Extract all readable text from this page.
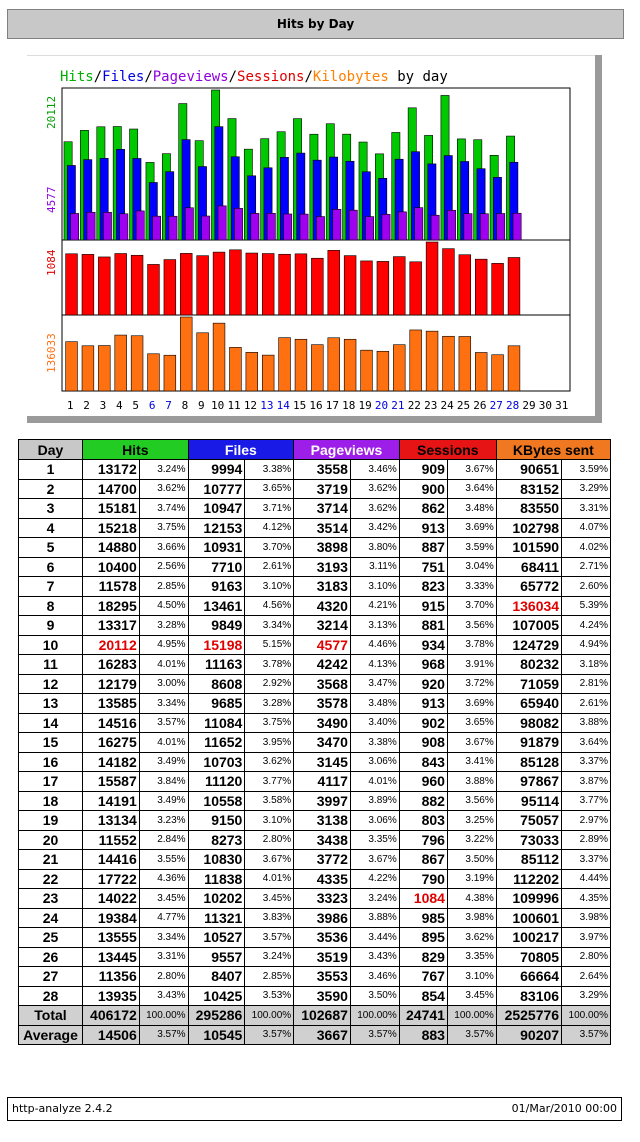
Hits by Day
Hits/Files/Pageviews/Sessions/Kilobytes by day
20112
4577
1084
136033
1 2 3 4 5 6 7 8 9 10 11 12 13 14 15 16 17 18 19 20 21 22 23 24 25 26 27 28 29 30 31
Day	Hits		Files		Pageviews		Sessions		KBytes sent	
1	13172	3.24%	9994	3.38%	3558	3.46%	909	3.67%	90651	3.59%
2	14700	3.62%	10777	3.65%	3719	3.62%	900	3.64%	83152	3.29%
3	15181	3.74%	10947	3.71%	3714	3.62%	862	3.48%	83550	3.31%
4	15218	3.75%	12153	4.12%	3514	3.42%	913	3.69%	102798	4.07%
5	14880	3.66%	10931	3.70%	3898	3.80%	887	3.59%	101590	4.02%
6	10400	2.56%	7710	2.61%	3193	3.11%	751	3.04%	68411	2.71%
7	11578	2.85%	9163	3.10%	3183	3.10%	823	3.33%	65772	2.60%
8	18295	4.50%	13461	4.56%	4320	4.21%	915	3.70%	136034	5.39%
9	13317	3.28%	9849	3.34%	3214	3.13%	881	3.56%	107005	4.24%
10	20112	4.95%	15198	5.15%	4577	4.46%	934	3.78%	124729	4.94%
11	16283	4.01%	11163	3.78%	4242	4.13%	968	3.91%	80232	3.18%
12	12179	3.00%	8608	2.92%	3568	3.47%	920	3.72%	71059	2.81%
13	13585	3.34%	9685	3.28%	3578	3.48%	913	3.69%	65940	2.61%
14	14516	3.57%	11084	3.75%	3490	3.40%	902	3.65%	98082	3.88%
15	16275	4.01%	11652	3.95%	3470	3.38%	908	3.67%	91879	3.64%
16	14182	3.49%	10703	3.62%	3145	3.06%	843	3.41%	85128	3.37%
17	15587	3.84%	11120	3.77%	4117	4.01%	960	3.88%	97867	3.87%
18	14191	3.49%	10558	3.58%	3997	3.89%	882	3.56%	95114	3.77%
19	13134	3.23%	9150	3.10%	3138	3.06%	803	3.25%	75057	2.97%
20	11552	2.84%	8273	2.80%	3438	3.35%	796	3.22%	73033	2.89%
21	14416	3.55%	10830	3.67%	3772	3.67%	867	3.50%	85112	3.37%
22	17722	4.36%	11838	4.01%	4335	4.22%	790	3.19%	112202	4.44%
23	14022	3.45%	10202	3.45%	3323	3.24%	1084	4.38%	109996	4.35%
24	19384	4.77%	11321	3.83%	3986	3.88%	985	3.98%	100601	3.98%
25	13555	3.34%	10527	3.57%	3536	3.44%	895	3.62%	100217	3.97%
26	13445	3.31%	9557	3.24%	3519	3.43%	829	3.35%	70805	2.80%
27	11356	2.80%	8407	2.85%	3553	3.46%	767	3.10%	66664	2.64%
28	13935	3.43%	10425	3.53%	3590	3.50%	854	3.45%	83106	3.29%
Total	406172	100.00%	295286	100.00%	102687	100.00%	24741	100.00%	2525776	100.00%
Average	14506	3.57%	10545	3.57%	3667	3.57%	883	3.57%	90207	3.57%
http-analyze 2.4.2	01/Mar/2010 00:00
